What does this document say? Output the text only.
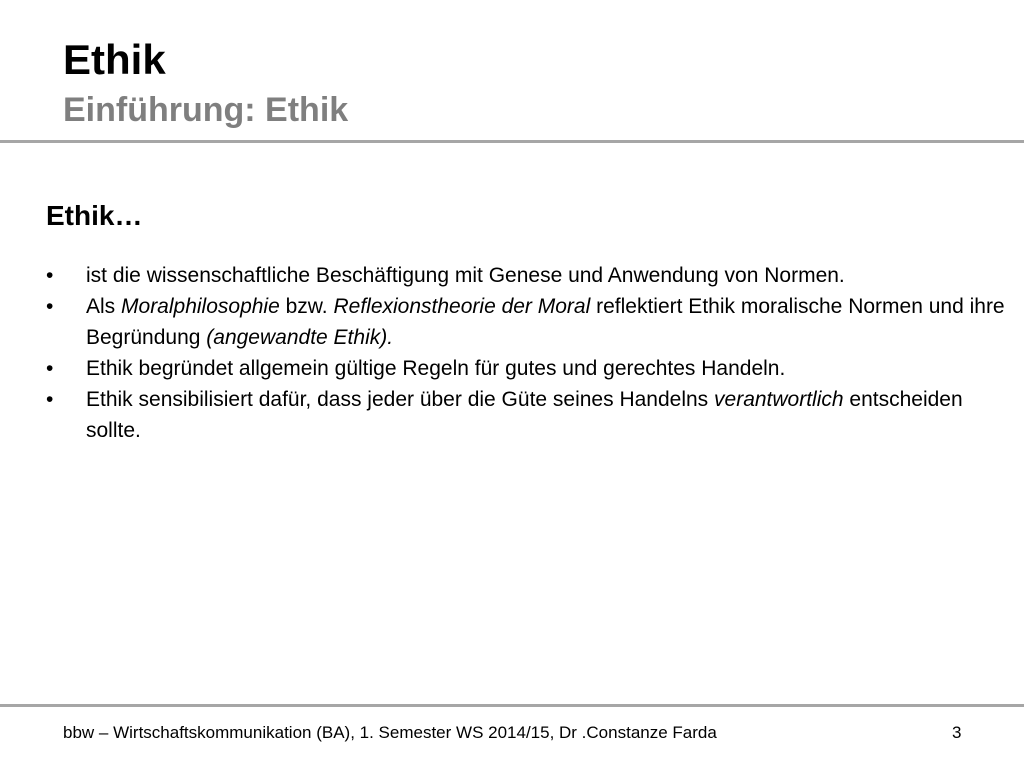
Ethik
Einführung: Ethik
Ethik…
• ist die wissenschaftliche Beschäftigung mit Genese und Anwendung von Normen.
• Als Moralphilosophie bzw. Reflexionstheorie der Moral reflektiert Ethik moralische Normen und ihre Begründung (angewandte Ethik).
• Ethik begründet allgemein gültige Regeln für gutes und gerechtes Handeln.
• Ethik sensibilisiert dafür, dass jeder über die Güte seines Handelns verantwortlich entscheiden sollte.
bbw – Wirtschaftskommunikation (BA), 1. Semester WS 2014/15, Dr .Constanze Farda	3
